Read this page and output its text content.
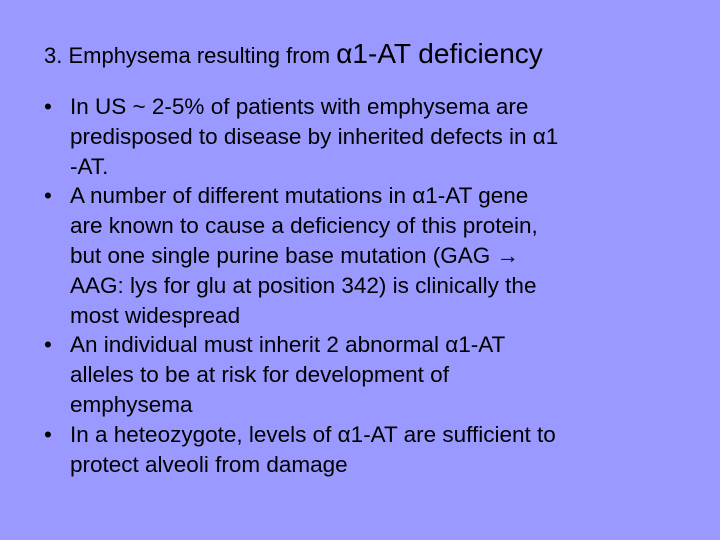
3. Emphysema resulting from α1-AT deficiency
• In US ~ 2-5% of patients with emphysema are
predisposed to disease by inherited defects in α1
-AT.
• A number of different mutations in α1-AT gene
are known to cause a deficiency of this protein,
but one single purine base mutation (GAG →
AAG: lys for glu at position 342) is clinically the
most widespread
• An individual must inherit 2 abnormal α1-AT
alleles to be at risk for development of
emphysema
• In a heteozygote, levels of α1-AT are sufficient to
protect alveoli from damage
